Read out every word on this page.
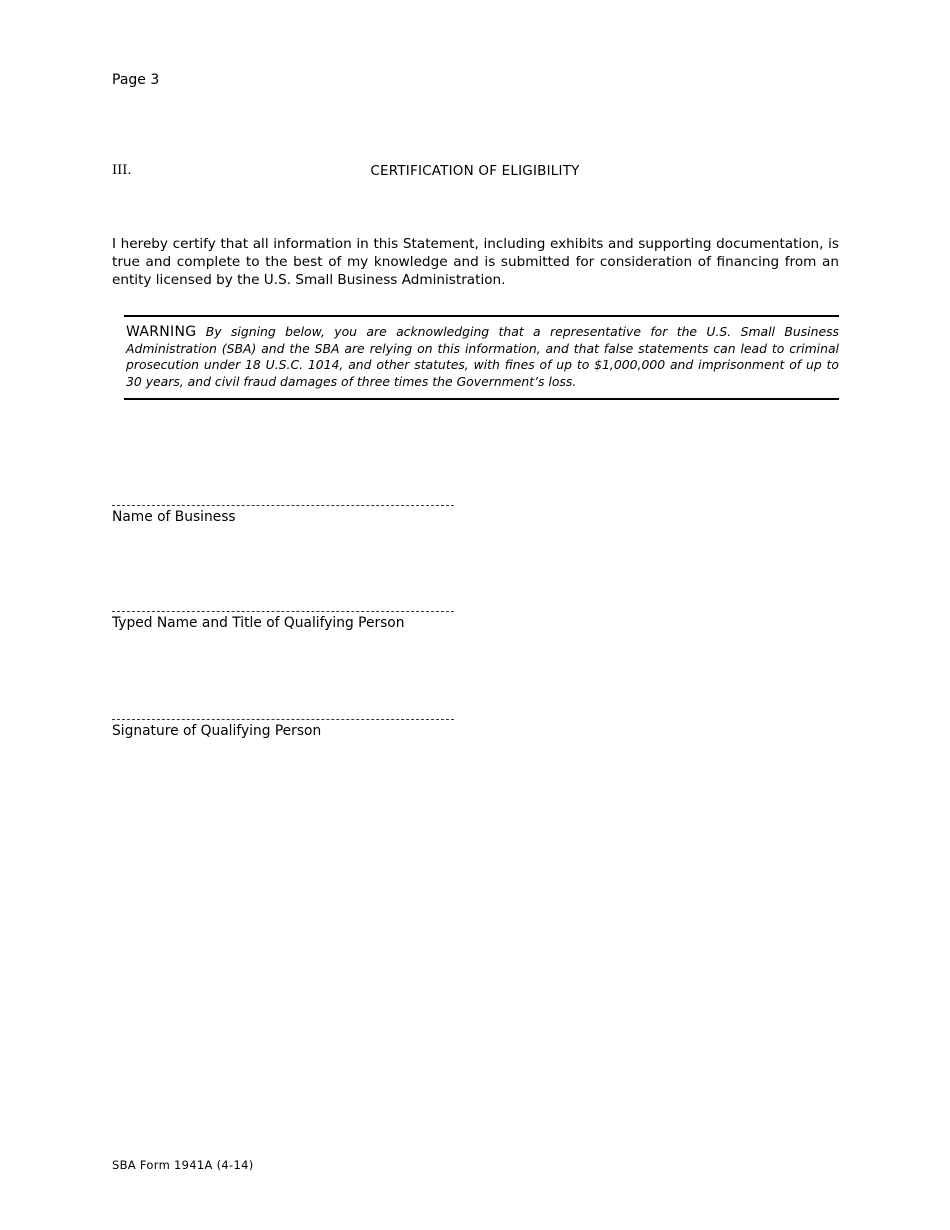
Page 3
III.	CERTIFICATION OF ELIGIBILITY
I hereby certify that all information in this Statement, including exhibits and supporting documentation, is true and complete to the best of my knowledge and is submitted for consideration of financing from an entity licensed by the U.S. Small Business Administration.
WARNING By signing below, you are acknowledging that a representative for the U.S. Small Business Administration (SBA) and the SBA are relying on this information, and that false statements can lead to criminal prosecution under 18 U.S.C. 1014, and other statutes, with fines of up to $1,000,000 and imprisonment of up to 30 years, and civil fraud damages of three times the Government’s loss.
Name of Business
Typed Name and Title of Qualifying Person
Signature of Qualifying Person
SBA Form 1941A (4-14)
